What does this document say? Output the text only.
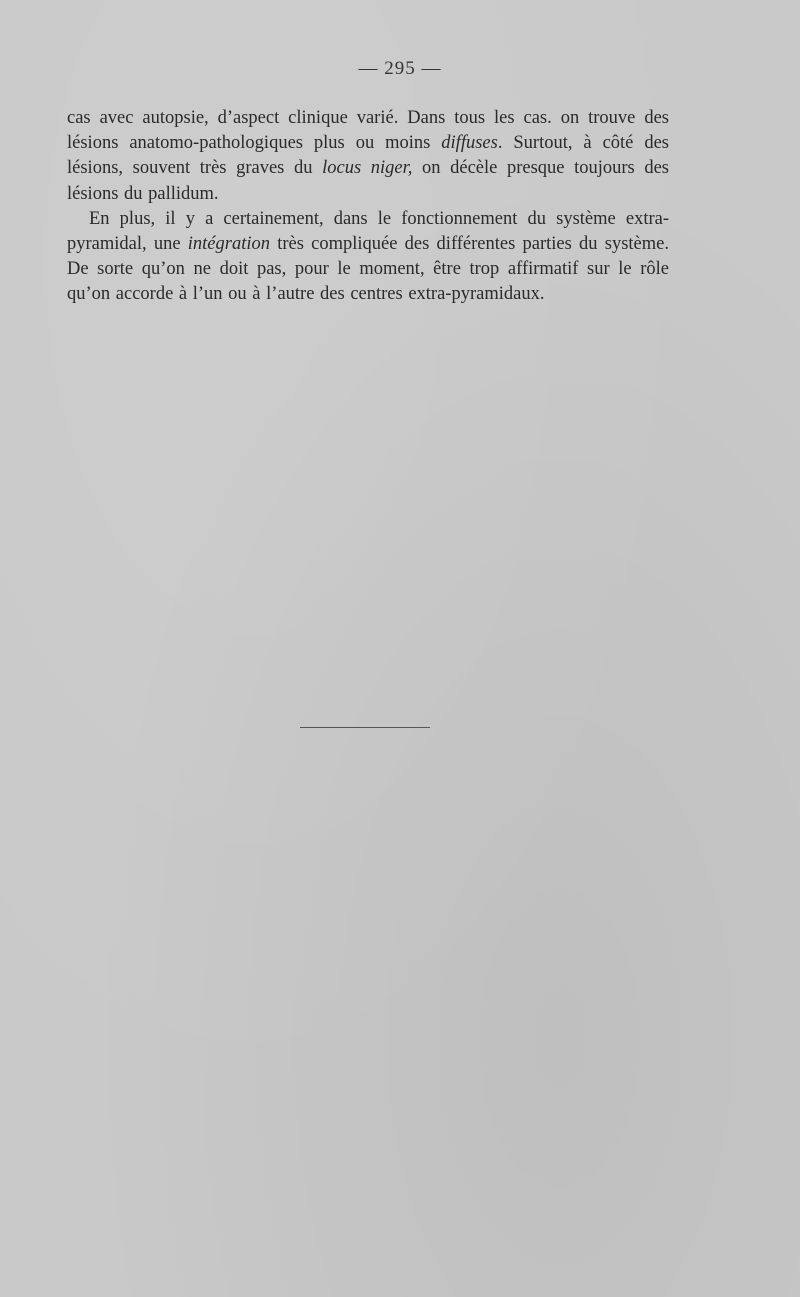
— 295 —

cas avec autopsie, d’aspect clinique varié. Dans tous les cas. on trouve des lésions anatomo-pathologiques plus ou moins diffuses. Surtout, à côté des lésions, souvent très graves du locus niger, on décèle presque toujours des lésions du pallidum.

En plus, il y a certainement, dans le fonctionnement du système extra-pyramidal, une intégration très compliquée des différentes parties du système. De sorte qu’on ne doit pas, pour le moment, être trop affirmatif sur le rôle qu’on accorde à l’un ou à l’autre des centres extra-pyramidaux.
